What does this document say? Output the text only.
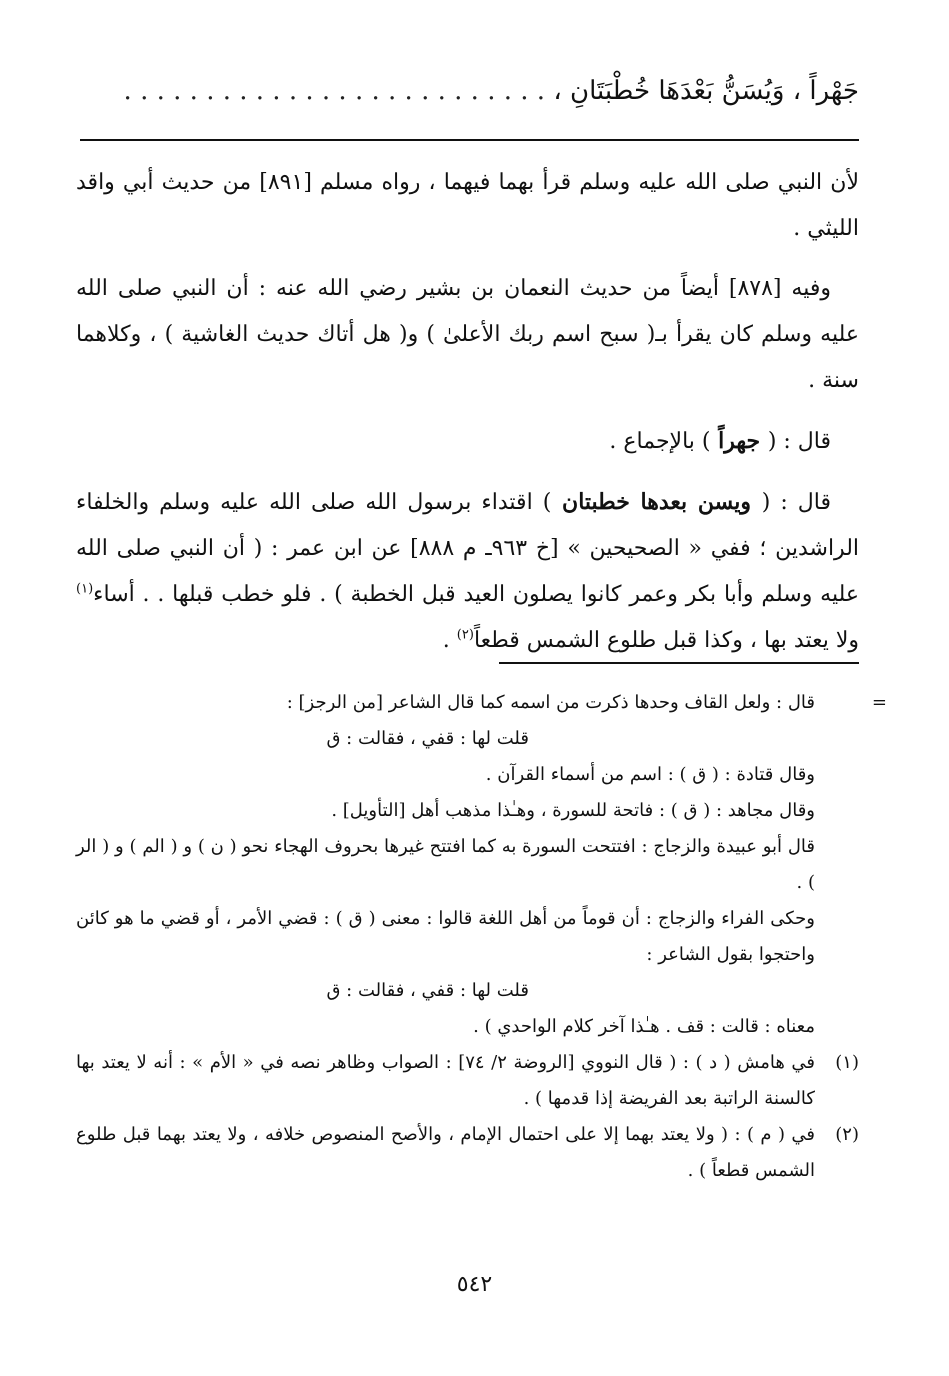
جَهْراً ، وَيُسَنُّ بَعْدَهَا خُطْبَتَانِ ، . . . . . . . . . . . . . . . . . . . . . . . . . .

لأن النبي صلى الله عليه وسلم قرأ بهما فيهما ، رواه مسلم [٨٩١] من حديث أبي واقد الليثي .

وفيه [٨٧٨] أيضاً من حديث النعمان بن بشير رضي الله عنه : أن النبي صلى الله عليه وسلم كان يقرأ بـ( سبح اسم ربك الأعلىٰ ) و( هل أتاك حديث الغاشية ) ، وكلاهما سنة .

قال : ( جهراً ) بالإجماع .

قال : ( ويسن بعدها خطبتان ) اقتداء برسول الله صلى الله عليه وسلم والخلفاء الراشدين ؛ ففي « الصحيحين » [خ ٩٦٣ـ م ٨٨٨] عن ابن عمر : ( أن النبي صلى الله عليه وسلم وأبا بكر وعمر كانوا يصلون العيد قبل الخطبة ) . فلو خطب قبلها . . أساء$^{(١)}$ ولا يعتد بها ، وكذا قبل طلوع الشمس قطعاً$^{(٢)}$ .

=
قال : ولعل القاف وحدها ذكرت من اسمه كما قال الشاعر [من الرجز] :
قلت لها : قفي ، فقالت : ق
وقال قتادة : ( ق ) : اسم من أسماء القرآن .
وقال مجاهد : ( ق ) : فاتحة للسورة ، وهـٰذا مذهب أهل [التأويل] .
قال أبو عبيدة والزجاج : افتتحت السورة به كما افتتح غيرها بحروف الهجاء نحو ( ن ) و ( الم ) و ( الر ) .
وحكى الفراء والزجاج : أن قوماً من أهل اللغة قالوا : معنى ( ق ) : قضي الأمر ، أو قضي ما هو كائن واحتجوا بقول الشاعر :
قلت لها : قفي ، فقالت : ق
معناه : قالت : قف . هـٰذا آخر كلام الواحدي ) .
(١)
في هامش ( د ) : ( قال النووي [الروضة ٢/ ٧٤] : الصواب وظاهر نصه في « الأم » : أنه لا يعتد بها كالسنة الراتبة بعد الفريضة إذا قدمها ) .
(٢)
في ( م ) : ( ولا يعتد بهما إلا على احتمال الإمام ، والأصح المنصوص خلافه ، ولا يعتد بهما قبل طلوع الشمس قطعاً ) .
٥٤٢
